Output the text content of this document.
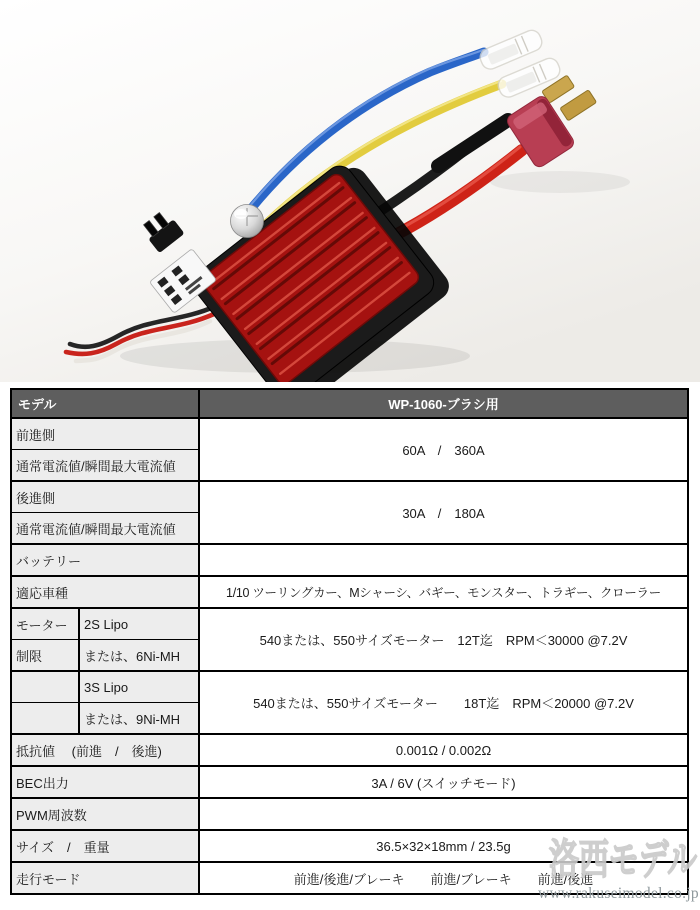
モデル		WP-1060-ブラシ用
前進側		60A　/　360A
通常電流値/瞬間最大電流値		
後進側		30A　/　180A
通常電流値/瞬間最大電流値		
バッテリー		
適応車種		1/10 ツーリングカー、Mシャーシ、バギー、モンスター、トラギー、クローラー
モーター	2S Lipo	540または、550サイズモーター　12T迄　RPM＜30000 @7.2V
制限	または、6Ni-MH	
	3S Lipo	540または、550サイズモーター　　18T迄　RPM＜20000 @7.2V
	または、9Ni-MH	
抵抗値　 (前進　/　後進)		0.001Ω / 0.002Ω
BEC出力		3A / 6V (スイッチモード)
PWM周波数		
サイズ　/　重量		36.5×32×18mm / 23.5g
走行モード		前進/後進/ブレーキ　　前進/ブレーキ　　前進/後進
洛西モデル
www.rakuseimodel.co.jp
